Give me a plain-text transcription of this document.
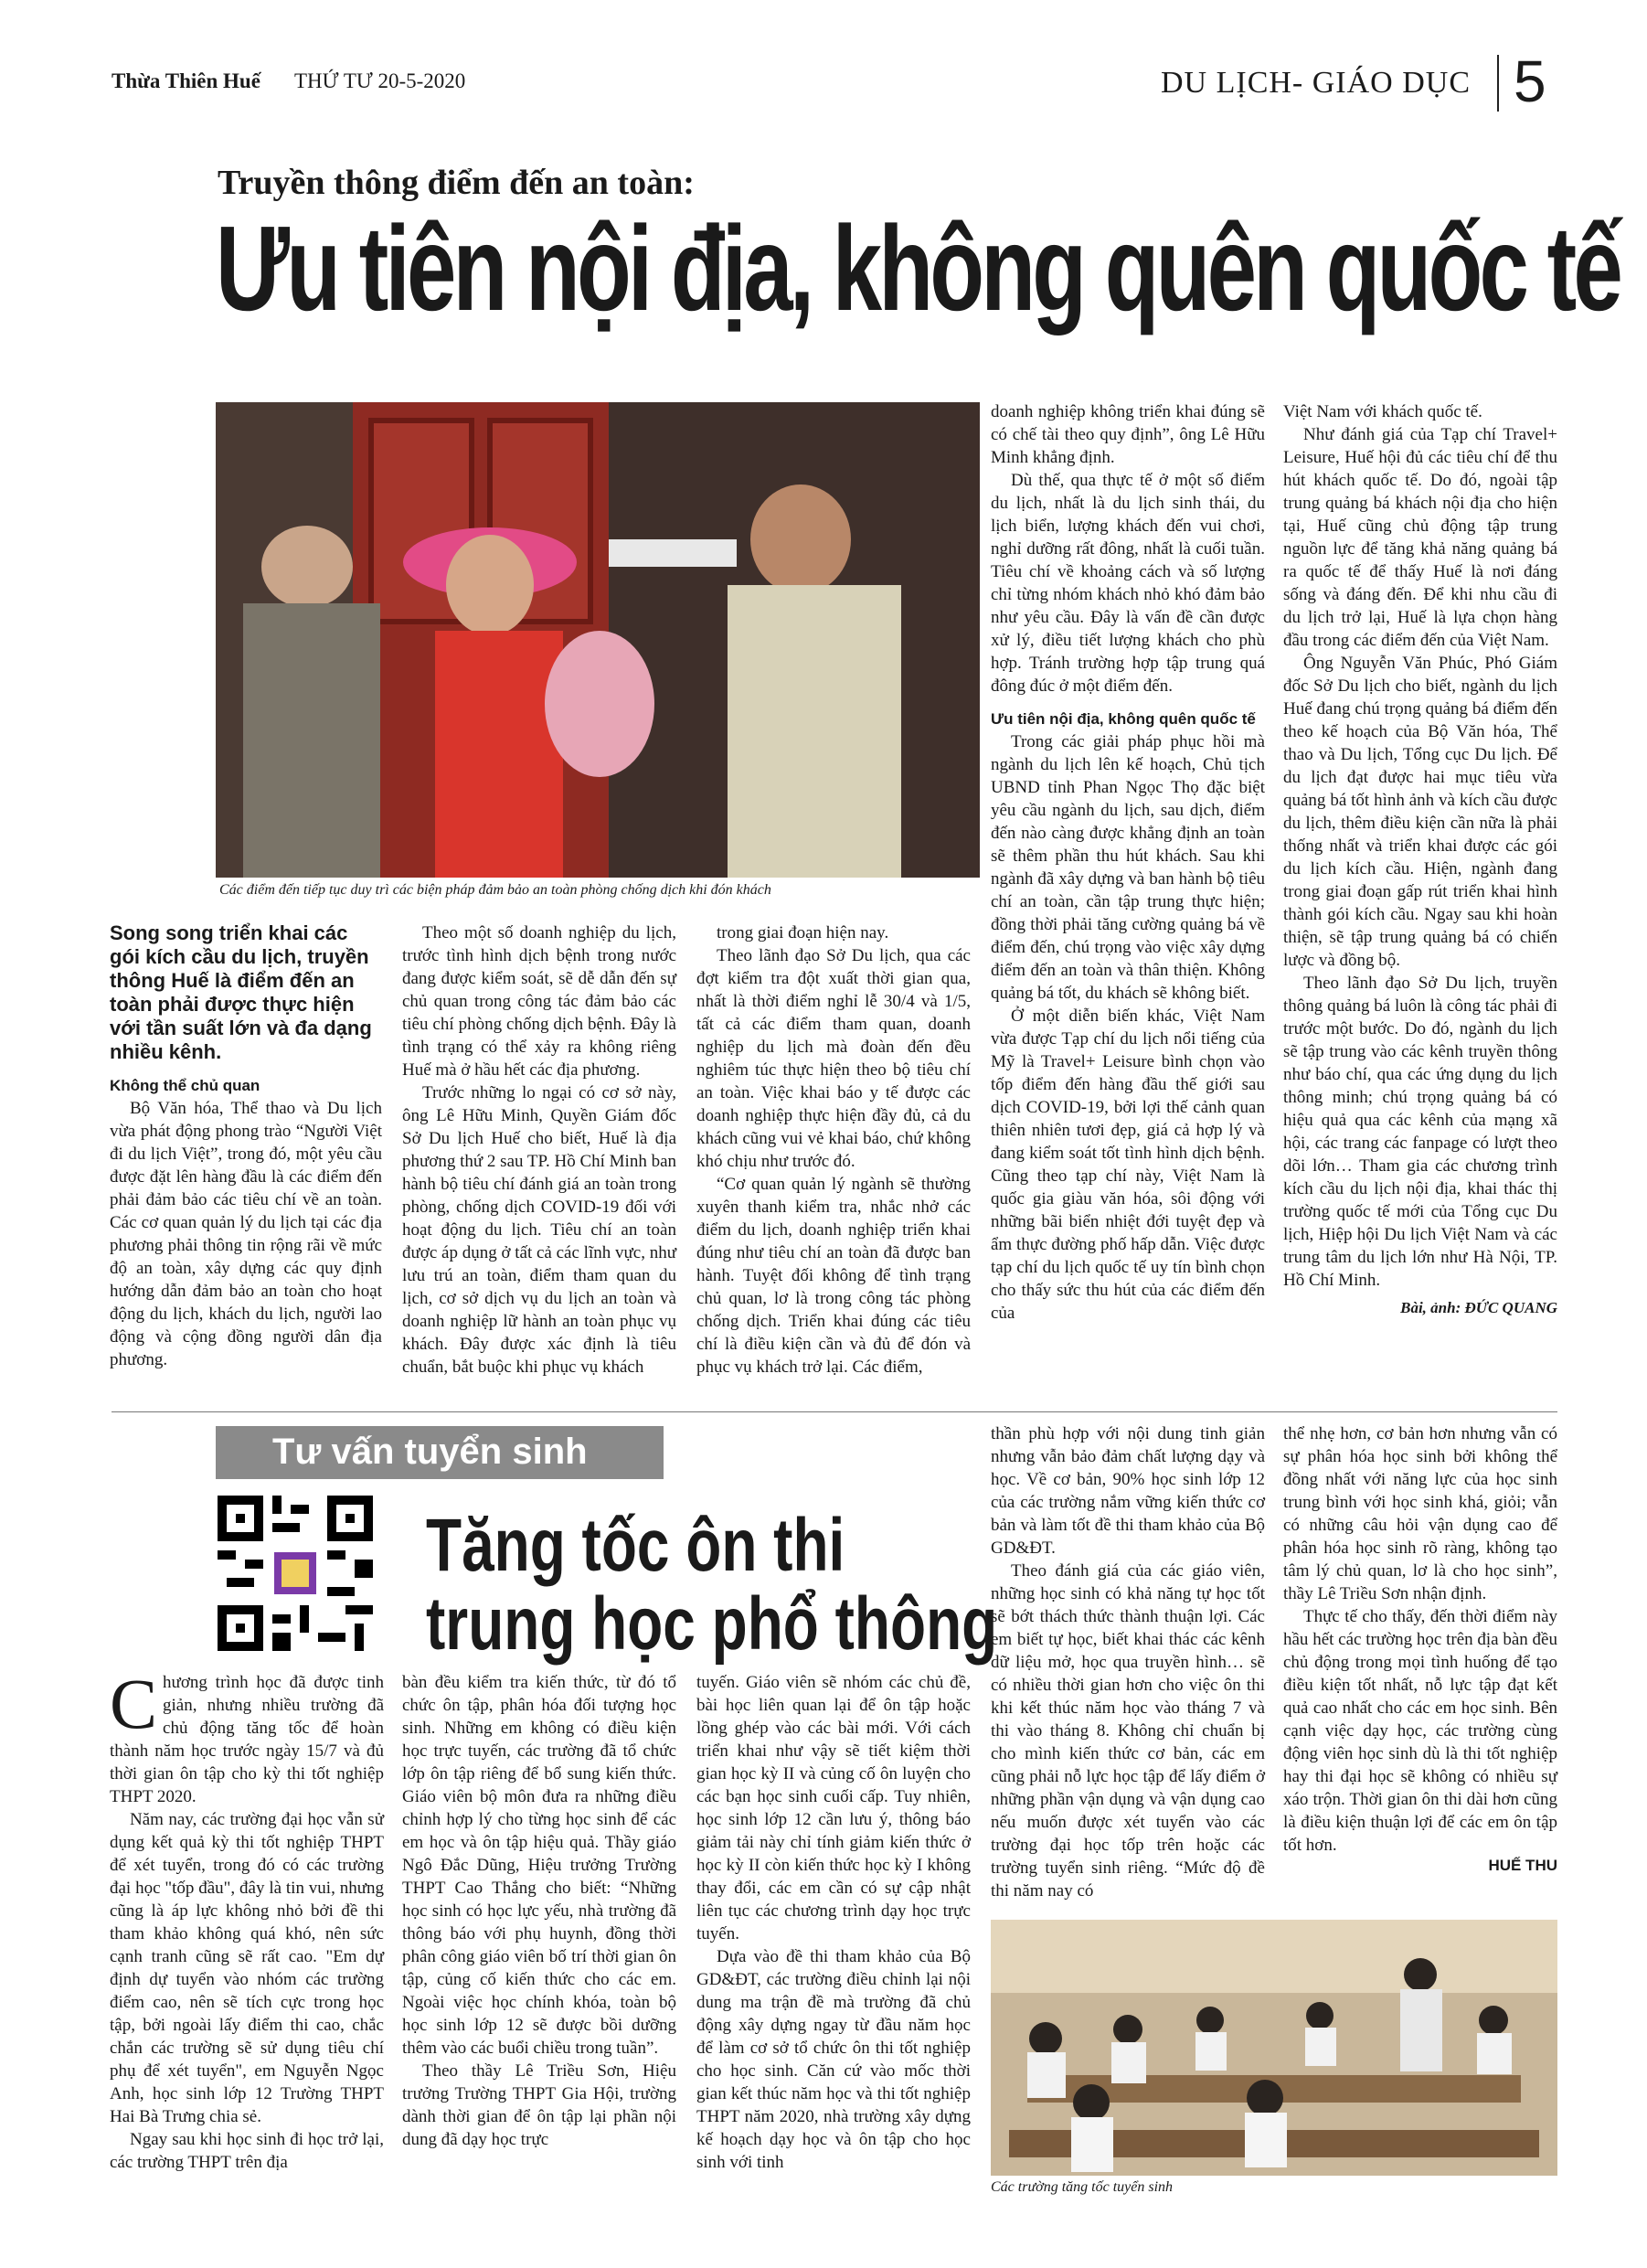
Thừa Thiên Huế THỨ TƯ 20-5-2020	DU LỊCH- GIÁO DỤC 5
Truyền thông điểm đến an toàn:
Ưu tiên nội địa, không quên quốc tế
Các điểm đến tiếp tục duy trì các biện pháp đảm bảo an toàn phòng chống dịch khi đón khách
Song song triển khai các gói kích cầu du lịch, truyền thông Huế là điểm đến an toàn phải được thực hiện với tần suất lớn và đa dạng nhiều kênh.
Không thể chủ quan

Bộ Văn hóa, Thể thao và Du lịch vừa phát động phong trào “Người Việt đi du lịch Việt”, trong đó, một yêu cầu được đặt lên hàng đầu là các điểm đến phải đảm bảo các tiêu chí về an toàn. Các cơ quan quản lý du lịch tại các địa phương phải thông tin rộng rãi về mức độ an toàn, xây dựng các quy định hướng dẫn đảm bảo an toàn cho hoạt động du lịch, khách du lịch, người lao động và cộng đồng người dân địa phương.

Theo một số doanh nghiệp du lịch, trước tình hình dịch bệnh trong nước đang được kiểm soát, sẽ dễ dẫn đến sự chủ quan trong công tác đảm bảo các tiêu chí phòng chống dịch bệnh. Đây là tình trạng có thể xảy ra không riêng Huế mà ở hầu hết các địa phương.

Trước những lo ngại có cơ sở này, ông Lê Hữu Minh, Quyền Giám đốc Sở Du lịch Huế cho biết, Huế là địa phương thứ 2 sau TP. Hồ Chí Minh ban hành bộ tiêu chí đánh giá an toàn trong phòng, chống dịch COVID-19 đối với hoạt động du lịch. Tiêu chí an toàn được áp dụng ở tất cả các lĩnh vực, như lưu trú an toàn, điểm tham quan du lịch, cơ sở dịch vụ du lịch an toàn và doanh nghiệp lữ hành an toàn phục vụ khách. Đây được xác định là tiêu chuẩn, bắt buộc khi phục vụ khách

trong giai đoạn hiện nay.

Theo lãnh đạo Sở Du lịch, qua các đợt kiểm tra đột xuất thời gian qua, nhất là thời điểm nghỉ lễ 30/4 và 1/5, tất cả các điểm tham quan, doanh nghiệp du lịch mà đoàn đến đều nghiêm túc thực hiện theo bộ tiêu chí an toàn. Việc khai báo y tế được các doanh nghiệp thực hiện đầy đủ, cả du khách cũng vui vẻ khai báo, chứ không khó chịu như trước đó.

“Cơ quan quản lý ngành sẽ thường xuyên thanh kiểm tra, nhắc nhở các điểm du lịch, doanh nghiệp triển khai đúng như tiêu chí an toàn đã được ban hành. Tuyệt đối không để tình trạng chủ quan, lơ là trong công tác phòng chống dịch. Triển khai đúng các tiêu chí là điều kiện cần và đủ để đón và phục vụ khách trở lại. Các điểm,

doanh nghiệp không triển khai đúng sẽ có chế tài theo quy định”, ông Lê Hữu Minh khẳng định.

Dù thế, qua thực tế ở một số điểm du lịch, nhất là du lịch sinh thái, du lịch biển, lượng khách đến vui chơi, nghỉ dưỡng rất đông, nhất là cuối tuần. Tiêu chí về khoảng cách và số lượng chỉ từng nhóm khách nhỏ khó đảm bảo như yêu cầu. Đây là vấn đề cần được xử lý, điều tiết lượng khách cho phù hợp. Tránh trường hợp tập trung quá đông đúc ở một điểm đến.

Ưu tiên nội địa, không quên quốc tế

Trong các giải pháp phục hồi mà ngành du lịch lên kế hoạch, Chủ tịch UBND tỉnh Phan Ngọc Thọ đặc biệt yêu cầu ngành du lịch, sau dịch, điểm đến nào càng được khẳng định an toàn sẽ thêm phần thu hút khách. Sau khi ngành đã xây dựng và ban hành bộ tiêu chí an toàn, cần tập trung thực hiện; đồng thời phải tăng cường quảng bá về điểm đến, chú trọng vào việc xây dựng điểm đến an toàn và thân thiện. Không quảng bá tốt, du khách sẽ không biết.

Ở một diễn biến khác, Việt Nam vừa được Tạp chí du lịch nổi tiếng của Mỹ là Travel+ Leisure bình chọn vào tốp điểm đến hàng đầu thế giới sau dịch COVID-19, bởi lợi thế cảnh quan thiên nhiên tươi đẹp, giá cả hợp lý và đang kiểm soát tốt tình hình dịch bệnh. Cũng theo tạp chí này, Việt Nam là quốc gia giàu văn hóa, sôi động với những bãi biển nhiệt đới tuyệt đẹp và ẩm thực đường phố hấp dẫn. Việc được tạp chí du lịch quốc tế uy tín bình chọn cho thấy sức thu hút của các điểm đến của

Việt Nam với khách quốc tế.

Như đánh giá của Tạp chí Travel+ Leisure, Huế hội đủ các tiêu chí để thu hút khách quốc tế. Do đó, ngoài tập trung quảng bá khách nội địa cho hiện tại, Huế cũng chủ động tập trung nguồn lực để tăng khả năng quảng bá ra quốc tế để thấy Huế là nơi đáng sống và đáng đến. Để khi nhu cầu đi du lịch trở lại, Huế là lựa chọn hàng đầu trong các điểm đến của Việt Nam.

Ông Nguyễn Văn Phúc, Phó Giám đốc Sở Du lịch cho biết, ngành du lịch Huế đang chú trọng quảng bá điểm đến theo kế hoạch của Bộ Văn hóa, Thể thao và Du lịch, Tổng cục Du lịch. Để du lịch đạt được hai mục tiêu vừa quảng bá tốt hình ảnh và kích cầu được du lịch, thêm điều kiện cần nữa là phải thống nhất và triển khai được các gói du lịch kích cầu. Hiện, ngành đang trong giai đoạn gấp rút triển khai hình thành gói kích cầu. Ngay sau khi hoàn thiện, sẽ tập trung quảng bá có chiến lược và đồng bộ.

Theo lãnh đạo Sở Du lịch, truyền thông quảng bá luôn là công tác phải đi trước một bước. Do đó, ngành du lịch sẽ tập trung vào các kênh truyền thông như báo chí, qua các ứng dụng du lịch thông minh; chú trọng quảng bá có hiệu quả qua các kênh của mạng xã hội, các trang các fanpage có lượt theo dõi lớn… Tham gia các chương trình kích cầu du lịch nội địa, khai thác thị trường quốc tế mới của Tổng cục Du lịch, Hiệp hội Du lịch Việt Nam và các trung tâm du lịch lớn như Hà Nội, TP. Hồ Chí Minh.

Bài, ảnh: ĐỨC QUANG
Tư vấn tuyển sinh
Tăng tốc ôn thi
trung học phổ thông
C hương trình học đã được tinh giản, nhưng nhiều trường đã chủ động tăng tốc để hoàn thành năm học trước ngày 15/7 và đủ thời gian ôn tập cho kỳ thi tốt nghiệp THPT 2020.

Năm nay, các trường đại học vẫn sử dụng kết quả kỳ thi tốt nghiệp THPT để xét tuyển, trong đó có các trường đại học "tốp đầu", đây là tin vui, nhưng cũng là áp lực không nhỏ bởi đề thi tham khảo không quá khó, nên sức cạnh tranh cũng sẽ rất cao. "Em dự định dự tuyển vào nhóm các trường điểm cao, nên sẽ tích cực trong học tập, bởi ngoài lấy điểm thi cao, chắc chắn các trường sẽ sử dụng tiêu chí phụ để xét tuyển", em Nguyễn Ngọc Anh, học sinh lớp 12 Trường THPT Hai Bà Trưng chia sẻ.

Ngay sau khi học sinh đi học trở lại, các trường THPT trên địa

bàn đều kiểm tra kiến thức, từ đó tổ chức ôn tập, phân hóa đối tượng học sinh. Những em không có điều kiện học trực tuyến, các trường đã tổ chức lớp ôn tập riêng để bổ sung kiến thức. Giáo viên bộ môn đưa ra những điều chỉnh hợp lý cho từng học sinh để các em học và ôn tập hiệu quả. Thầy giáo Ngô Đắc Dũng, Hiệu trưởng Trường THPT Cao Thắng cho biết: “Những học sinh có học lực yếu, nhà trường đã thông báo với phụ huynh, đồng thời phân công giáo viên bố trí thời gian ôn tập, củng cố kiến thức cho các em. Ngoài việc học chính khóa, toàn bộ học sinh lớp 12 sẽ được bồi dưỡng thêm vào các buổi chiều trong tuần”.

Theo thầy Lê Triều Sơn, Hiệu trưởng Trường THPT Gia Hội, trường dành thời gian để ôn tập lại phần nội dung đã dạy học trực

tuyến. Giáo viên sẽ nhóm các chủ đề, bài học liên quan lại để ôn tập hoặc lồng ghép vào các bài mới. Với cách triển khai như vậy sẽ tiết kiệm thời gian học kỳ II và củng cố ôn luyện cho các bạn học sinh cuối cấp. Tuy nhiên, học sinh lớp 12 cần lưu ý, thông báo giảm tải này chỉ tính giảm kiến thức ở học kỳ II còn kiến thức học kỳ I không thay đổi, các em cần có sự cập nhật liên tục các chương trình dạy học trực tuyến.

Dựa vào đề thi tham khảo của Bộ GD&ĐT, các trường điều chỉnh lại nội dung ma trận đề mà trường đã chủ động xây dựng ngay từ đầu năm học để làm cơ sở tổ chức ôn thi tốt nghiệp cho học sinh. Căn cứ vào mốc thời gian kết thúc năm học và thi tốt nghiệp THPT năm 2020, nhà trường xây dựng kế hoạch dạy học và ôn tập cho học sinh với tinh

thần phù hợp với nội dung tinh giản nhưng vẫn bảo đảm chất lượng dạy và học. Về cơ bản, 90% học sinh lớp 12 của các trường nắm vững kiến thức cơ bản và làm tốt đề thi tham khảo của Bộ GD&ĐT.

Theo đánh giá của các giáo viên, những học sinh có khả năng tự học tốt sẽ bớt thách thức thành thuận lợi. Các em biết tự học, biết khai thác các kênh dữ liệu mở, học qua truyền hình… sẽ có nhiều thời gian hơn cho việc ôn thi khi kết thúc năm học vào tháng 7 và thi vào tháng 8. Không chỉ chuẩn bị cho mình kiến thức cơ bản, các em cũng phải nỗ lực học tập để lấy điểm ở những phần vận dụng và vận dụng cao nếu muốn được xét tuyển vào các trường đại học tốp trên hoặc các trường tuyển sinh riêng. “Mức độ đề thi năm nay có

thể nhẹ hơn, cơ bản hơn nhưng vẫn có sự phân hóa học sinh bởi không thể đồng nhất với năng lực của học sinh trung bình với học sinh khá, giỏi; vẫn có những câu hỏi vận dụng cao để phân hóa học sinh rõ ràng, không tạo tâm lý chủ quan, lơ là cho học sinh”, thầy Lê Triều Sơn nhận định.

Thực tế cho thấy, đến thời điểm này hầu hết các trường học trên địa bàn đều chủ động trong mọi tình huống để tạo điều kiện tốt nhất, nỗ lực tập đạt kết quả cao nhất cho các em học sinh. Bên cạnh việc dạy học, các trường cùng động viên học sinh dù là thi tốt nghiệp hay thi đại học sẽ không có nhiều sự xáo trộn. Thời gian ôn thi dài hơn cũng là điều kiện thuận lợi để các em ôn tập tốt hơn.

HUẾ THU
Các trường tăng tốc tuyển sinh
